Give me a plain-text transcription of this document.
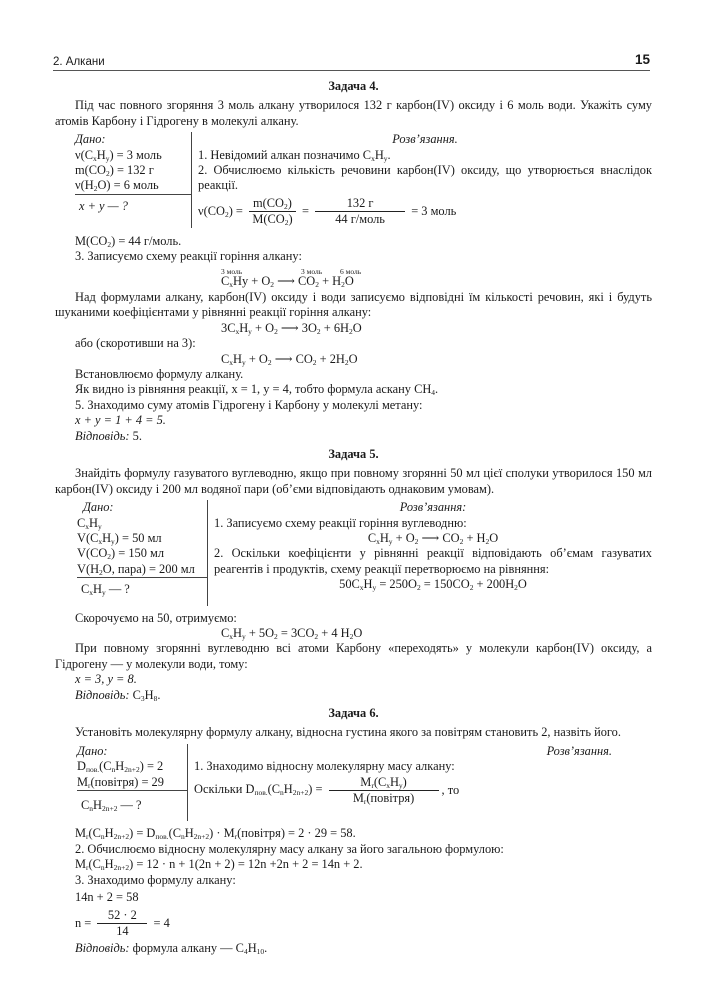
2. Алкани	15
Задача 4.
Під час повного згоряння 3 моль алкану утворилося 132 г карбон(IV) оксиду і 6 моль води. Укажіть суму атомів Карбону і Гідрогену в молекулі алкану.
Дано:
$\nu(C_xH_y) = 3$ моль
$m(CO_2) = 132$ г
$\nu(H_2O) = 6$ моль
x + y — ?
Розв’язання.
1. Невідомий алкан позначимо $C_xH_y$.
2. Обчислюємо кількість речовини карбон(IV) оксиду, що утворюється внаслідок реакції.
$\nu(CO_2) = \frac{m(CO_2)}{M(CO_2)} = \frac{132 г}{\text{44 г/моль}} = 3$ моль
$M(CO_2) = 44$ г/моль.
3. Записуємо схему реакції горіння алкану:
3 моль	3 моль 6 моль
$C_xHy + O_2$ ⟶ $CO_2 + H_2O$
Над формулами алкану, карбон(IV) оксиду і води записуємо відповідні їм кількості речовин, які і будуть шуканими коефіцієнтами у рівнянні реакції горіння алкану:
$3C_xH_y + O_2$ ⟶ $3O_2 + 6H_2O$
або (скоротивши на 3):
$C_xH_y + O_2$ ⟶ $CO_2 + 2H_2O$
Встановлюємо формулу алкану.
Як видно із рівняння реакції, x = 1, y = 4, тобто формула аскану $CH_4$.
5. Знаходимо суму атомів Гідрогену і Карбону у молекулі метану:
x + y = 1 + 4 = 5.
Відповідь: 5.
Задача 5.
Знайдіть формулу газуватого вуглеводню, якщо при повному згорянні 50 мл цієї сполуки утворилося 150 мл карбон(IV) оксиду і 200 мл водяної пари (об’єми відповідають однаковим умовам).
Дано:
$C_xH_y$
$V(C_xH_y) = 50$ мл
$V(CO_2) = 150$ мл
$V(H_2O$, пара) = 200 мл
$C_xH_y$ — ?
Розв’язання:
1. Записуємо схему реакції горіння вуглеводню:
$C_xH_y + O_2$ ⟶ $CO_2 + H_2O$
2. Оскільки коефіцієнти у рівнянні реакції відповідають об’ємам газуватих реагентів і продуктів, схему реакції перетворюємо на рівняння:
$50C_xH_y = 250O_2 = 150CO_2 + 200H_2O$
Скорочуємо на 50, отримуємо:
$C_xH_y + 5O_2 = 3CO_2 + 4$ $H_2O$
При повному згорянні вуглеводню всі атоми Карбону «переходять» у молекули карбон(IV) оксиду, а Гідрогену — у молекули води, тому:
x = 3, y = 8.
Відповідь: $C_3H_8$.
Задача 6.
Установіть молекулярну формулу алкану, відносна густина якого за повітрям становить 2, назвіть його.
Дано:
$D_{пов.}(C_nH_{2n+2}) = 2$
$M_r(повітря) = 29$
$C_nH_{2n+2}$ — ?
Розв’язання.
1. Знаходимо відносну молекулярну масу алкану:
Оскільки $D_{пов.}(C_nH_{2n+2}) = \frac{M_r(C_xH_y)}{M_r(повітря)}$ , то
$M_r(C_nH_{2n+2}) = D_{пов.}(C_nH_{2n+2})$ · $M_r(повітря) = 2 \cdot 29 = 58$.
2. Обчислюємо відносну молекулярну масу алкану за його загальною формулою:
$M_r(C_nH_{2n+2}) = 12 \cdot n + 1(2n + 2) = 12n +2n + 2 = 14n + 2$.
3. Знаходимо формулу алкану:
14n + 2 = 58
$n = \frac{52 \cdot 2}{14} = 4$
Відповідь: формула алкану — $C_4H_{10}$.
